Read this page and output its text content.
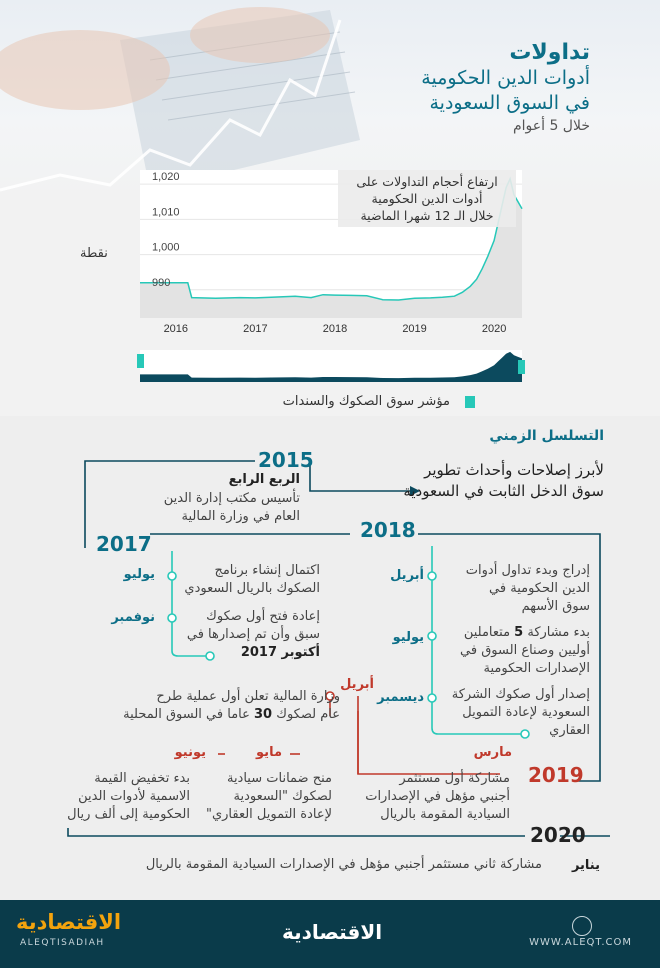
تداولات
أدوات الدين الحكومية
في السوق السعودية
خلال 5 أعوام
990
1,000
1,010
1,020
2016	2017	2018	2019	2020
ارتفاع أحجام التداولات على
أدوات الدين الحكومية
خلال الـ 12 شهرا الماضية
نقطة
مؤشر سوق الصكوك والسندات
التسلسل الزمني
2015
الربع الرابع
تأسيس مكتب إدارة الدين
العام في وزارة المالية
لأبرز إصلاحات وأحداث تطوير
سوق الدخل الثابت في السعودية
2017
يوليو	اكتمال إنشاء برنامج
الصكوك بالريال السعودي
نوفمبر	إعادة فتح أول صكوك
سبق وأن تم إصدارها في
أكتوبر 2017
2018
أبريل	إدراج وبدء تداول أدوات
الدين الحكومية في
سوق الأسهم
يوليو	بدء مشاركة 5 متعاملين
أوليين وصناع السوق في
الإصدارات الحكومية
ديسمبر	إصدار أول صكوك الشركة
السعودية لإعادة التمويل
العقاري
2019
أبريل
وزارة المالية تعلن أول عملية طرح
عام لصكوك 30 عاما في السوق المحلية
مارس
مشاركة أول مستثمر
أجنبي مؤهل في الإصدارات
السيادية المقومة بالريال
مايو
منح ضمانات سيادية
لصكوك "السعودية
لإعادة التمويل العقاري"
يونيو
بدء تخفيض القيمة
الاسمية لأدوات الدين
الحكومية إلى ألف ريال
2020
يناير
مشاركة ثاني مستثمر أجنبي مؤهل في الإصدارات السيادية المقومة بالريال
الاقتصادية
ALEQTISADIAH	الاقتصادية	WWW.ALEQT.COM
